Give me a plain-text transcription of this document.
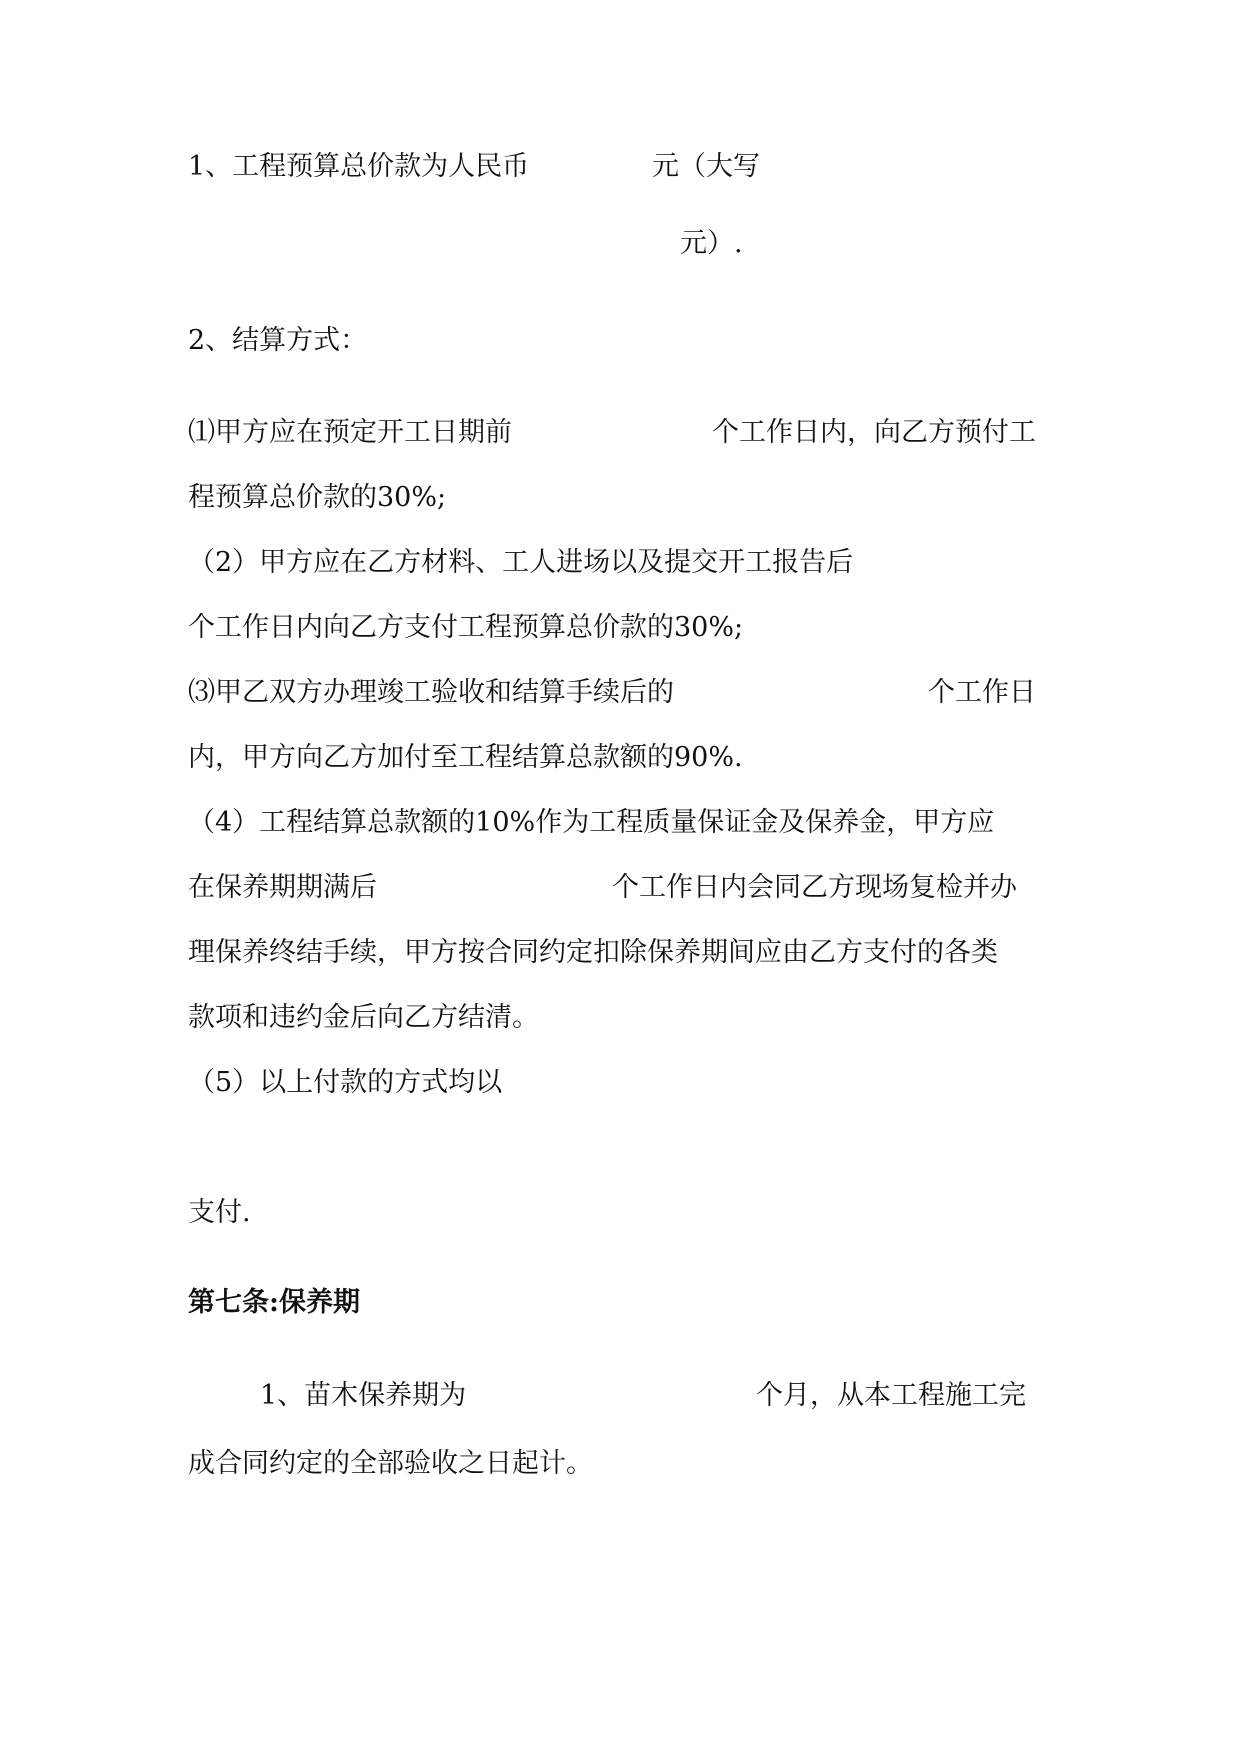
1、工程预算总价款为人民币	元（大写
元）.
2、结算方式：
⑴甲方应在预定开工日期前	个工作日内，向乙方预付工
程预算总价款的30%;
（2）甲方应在乙方材料、工人进场以及提交开工报告后
个工作日内向乙方支付工程预算总价款的30%;
⑶甲乙双方办理竣工验收和结算手续后的	个工作日
内，甲方向乙方加付至工程结算总款额的90%.
（4）工程结算总款额的10%作为工程质量保证金及保养金，甲方应
在保养期期满后	个工作日内会同乙方现场复检并办
理保养终结手续，甲方按合同约定扣除保养期间应由乙方支付的各类
款项和违约金后向乙方结清。
（5）以上付款的方式均以
支付.
第七条:保养期
1、苗木保养期为	个月，从本工程施工完
成合同约定的全部验收之日起计。
